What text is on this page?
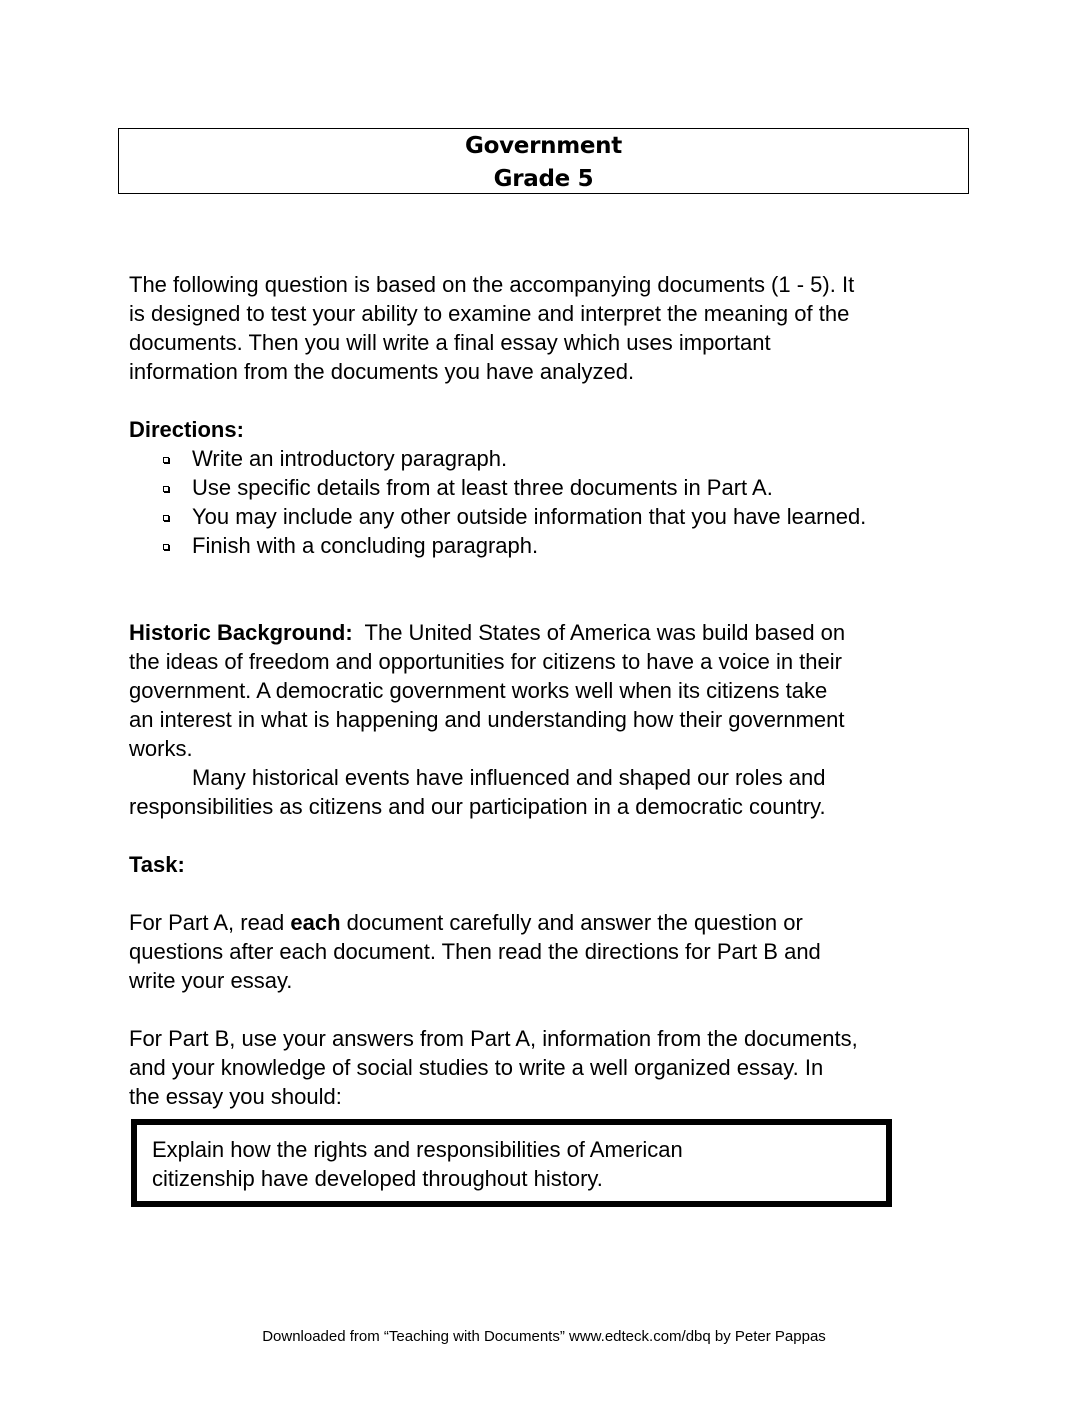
Government
Grade 5

The following question is based on the accompanying documents (1 - 5). It

is designed to test your ability to examine and interpret the meaning of the

documents. Then you will write a final essay which uses important

information from the documents you have analyzed.

Directions:

Write an introductory paragraph.
Use specific details from at least three documents in Part A.
You may include any other outside information that you have learned.
Finish with a concluding paragraph.

Historic Background:  The United States of America was build based on

the ideas of freedom and opportunities for citizens to have a voice in their

government. A democratic government works well when its citizens take

an interest in what is happening and understanding how their government

works.

Many historical events have influenced and shaped our roles and

responsibilities as citizens and our participation in a democratic country.

Task:

For Part A, read each document carefully and answer the question or

questions after each document. Then read the directions for Part B and

write your essay.

For Part B, use your answers from Part A, information from the documents,

and your knowledge of social studies to write a well organized essay. In

the essay you should:

Explain how the rights and responsibilities of American

citizenship have developed throughout history.

Downloaded from “Teaching with Documents” www.edteck.com/dbq by Peter Pappas
